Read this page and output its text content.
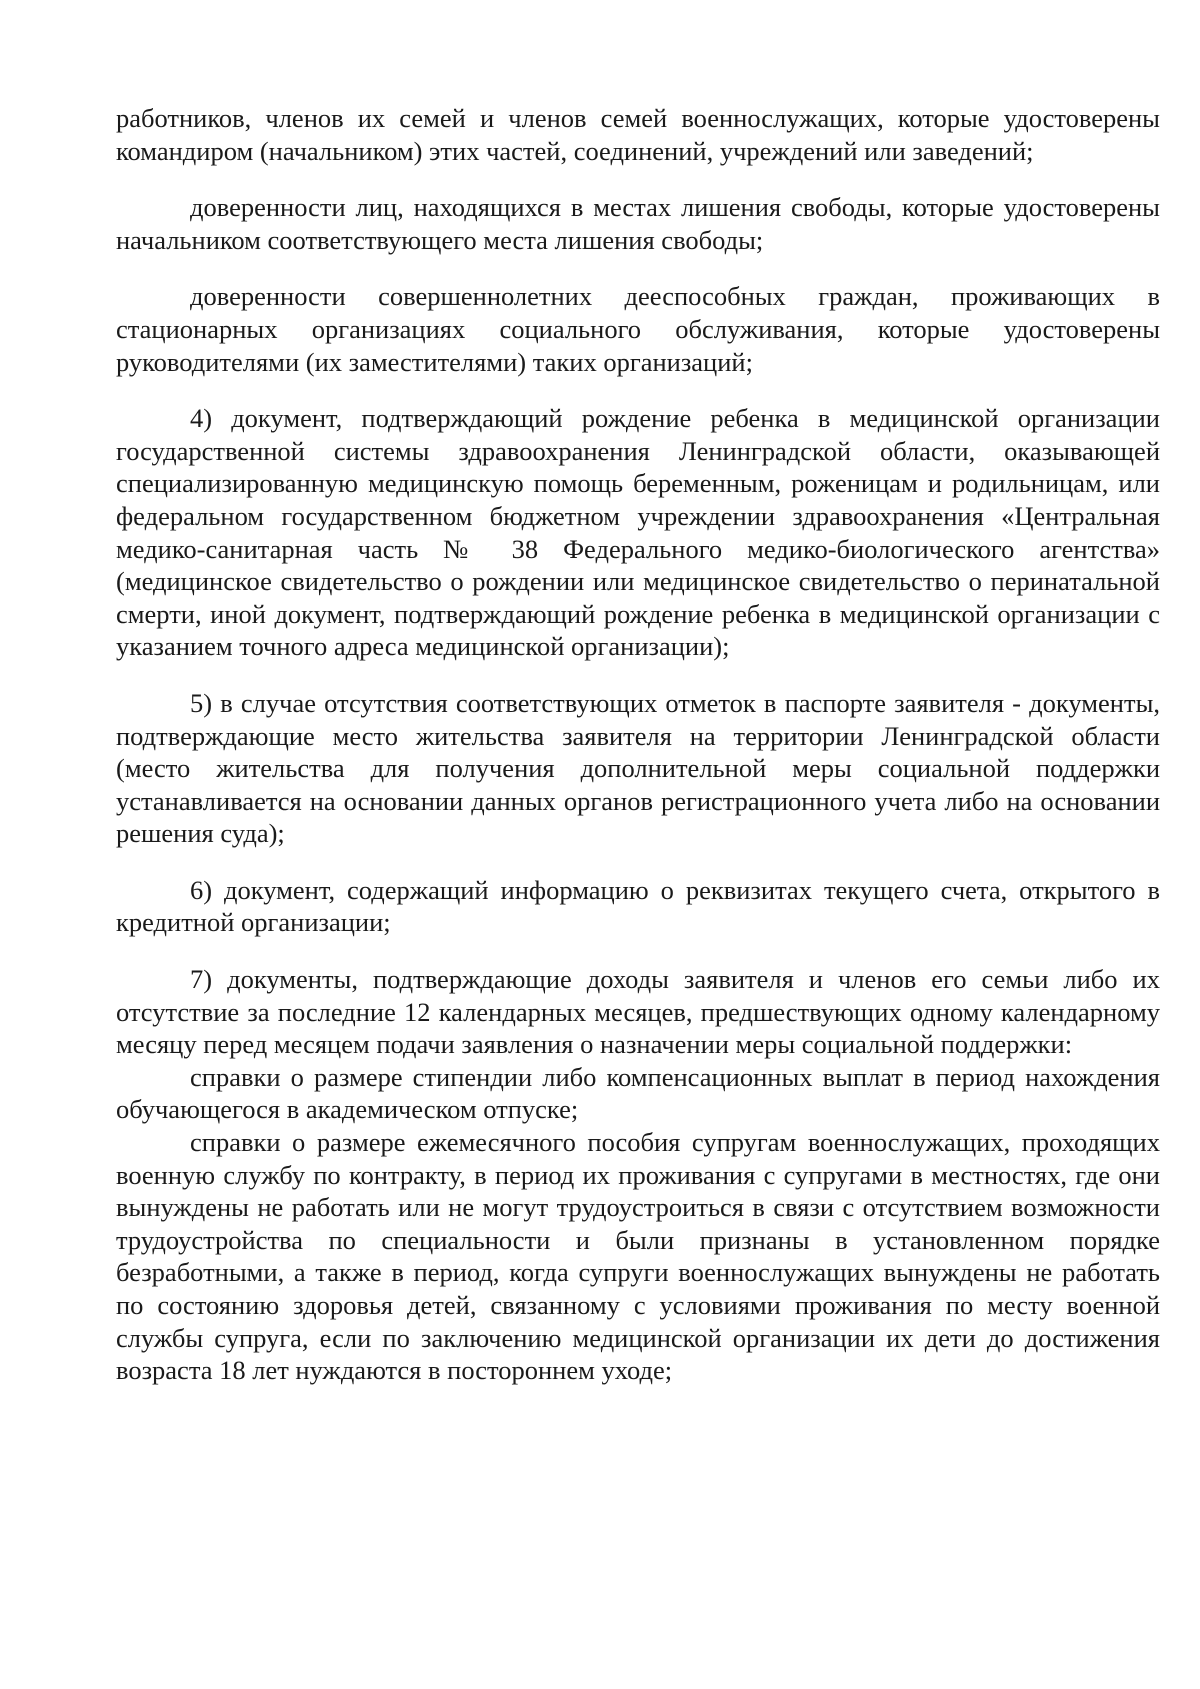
работников, членов их семей и членов семей военнослужащих, которые удостоверены командиром (начальником) этих частей, соединений, учреждений или заведений;

доверенности лиц, находящихся в местах лишения свободы, которые удостоверены начальником соответствующего места лишения свободы;

доверенности совершеннолетних дееспособных граждан, проживающих в стационарных организациях социального обслуживания, которые удостоверены руководителями (их заместителями) таких организаций;

4) документ, подтверждающий рождение ребенка в медицинской организации государственной системы здравоохранения Ленинградской области, оказывающей специализированную медицинскую помощь беременным, роженицам и родильницам, или федеральном государственном бюджетном учреждении здравоохранения «Центральная медико-санитарная часть № 38 Федерального медико-биологического агентства» (медицинское свидетельство о рождении или медицинское свидетельство о перинатальной смерти, иной документ, подтверждающий рождение ребенка в медицинской организации с указанием точного адреса медицинской организации);

5) в случае отсутствия соответствующих отметок в паспорте заявителя - документы, подтверждающие место жительства заявителя на территории Ленинградской области (место жительства для получения дополнительной меры социальной поддержки устанавливается на основании данных органов регистрационного учета либо на основании решения суда);

6) документ, содержащий информацию о реквизитах текущего счета, открытого в кредитной организации;

7) документы, подтверждающие доходы заявителя и членов его семьи либо их отсутствие за последние 12 календарных месяцев, предшествующих одному календарному месяцу перед месяцем подачи заявления о назначении меры социальной поддержки:

справки о размере стипендии либо компенсационных выплат в период нахождения обучающегося в академическом отпуске;

справки о размере ежемесячного пособия супругам военнослужащих, проходящих военную службу по контракту, в период их проживания с супругами в местностях, где они вынуждены не работать или не могут трудоустроиться в связи с отсутствием возможности трудоустройства по специальности и были признаны в установленном порядке безработными, а также в период, когда супруги военнослужащих вынуждены не работать по состоянию здоровья детей, связанному с условиями проживания по месту военной службы супруга, если по заключению медицинской организации их дети до достижения возраста 18 лет нуждаются в постороннем уходе;
